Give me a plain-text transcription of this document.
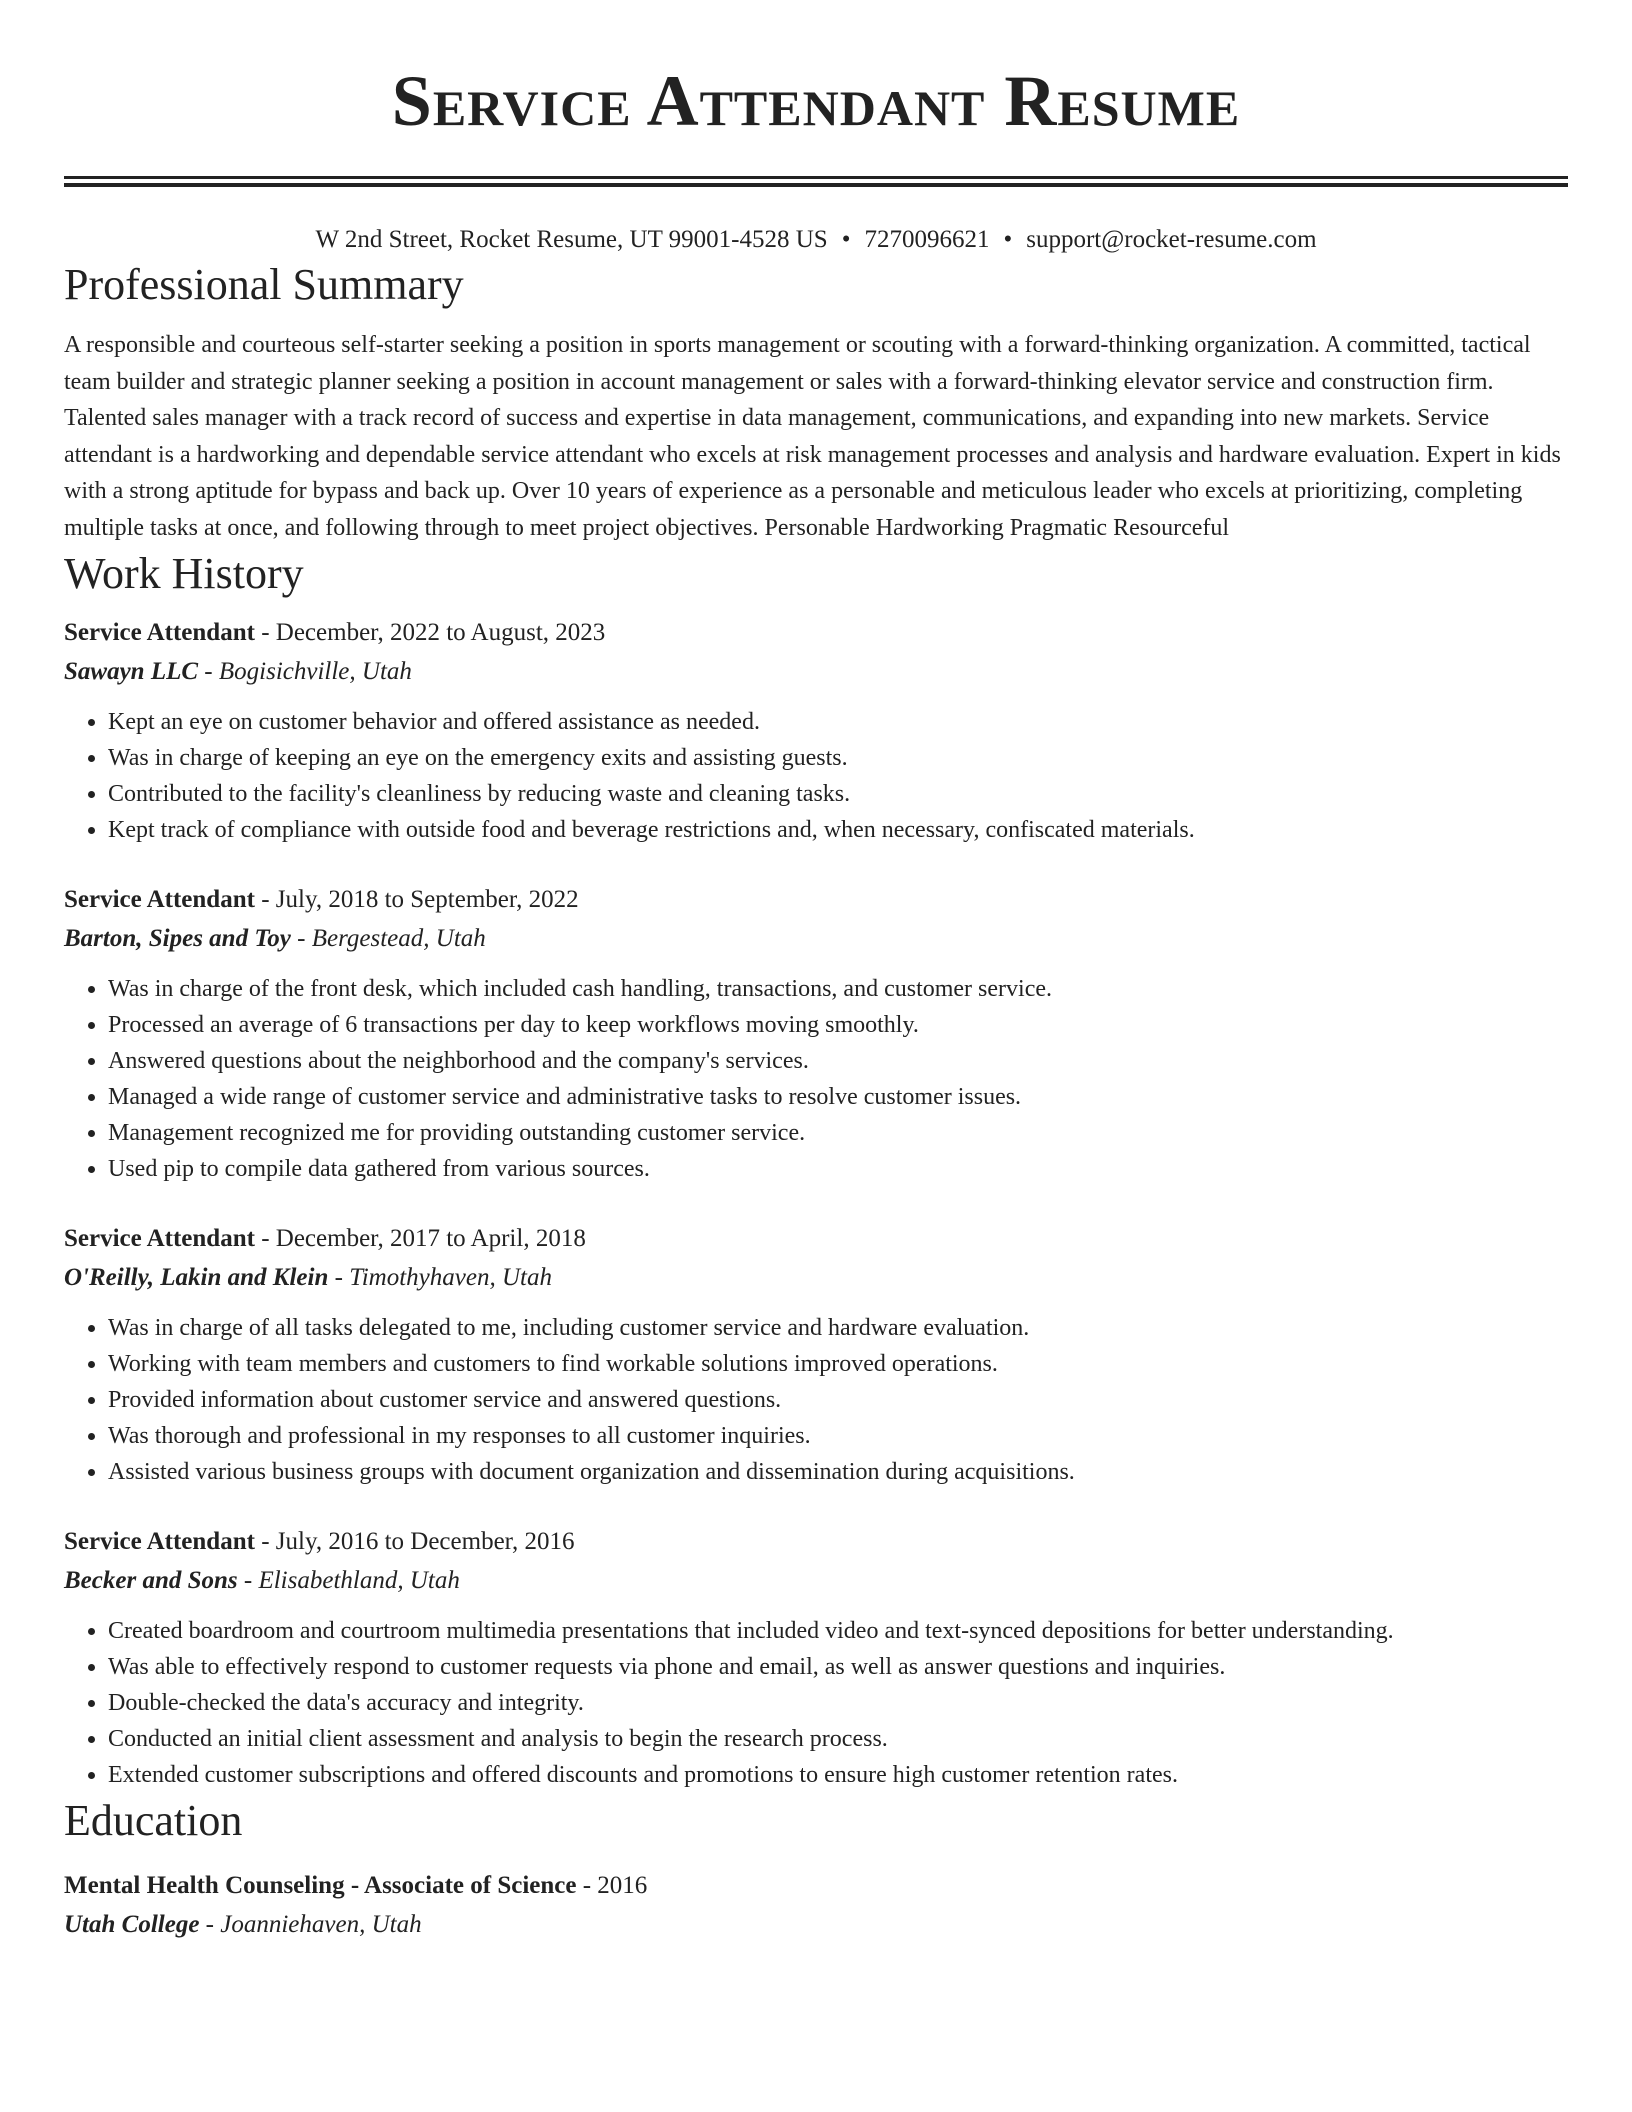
Service Attendant Resume
W 2nd Street, Rocket Resume, UT 99001-4528 US • 7270096621 • support@rocket-resume.com
Professional Summary

A responsible and courteous self-starter seeking a position in sports management or scouting with a forward-thinking organization. A committed, tactical team builder and strategic planner seeking a position in account management or sales with a forward-thinking elevator service and construction firm. Talented sales manager with a track record of success and expertise in data management, communications, and expanding into new markets. Service attendant is a hardworking and dependable service attendant who excels at risk management processes and analysis and hardware evaluation. Expert in kids with a strong aptitude for bypass and back up. Over 10 years of experience as a personable and meticulous leader who excels at prioritizing, completing multiple tasks at once, and following through to meet project objectives. Personable Hardworking Pragmatic Resourceful

Work History
Service Attendant - December, 2022 to August, 2023
Sawayn LLC - Bogisichville, Utah
• Kept an eye on customer behavior and offered assistance as needed.
• Was in charge of keeping an eye on the emergency exits and assisting guests.
• Contributed to the facility's cleanliness by reducing waste and cleaning tasks.
• Kept track of compliance with outside food and beverage restrictions and, when necessary, confiscated materials.
Service Attendant - July, 2018 to September, 2022
Barton, Sipes and Toy - Bergestead, Utah
• Was in charge of the front desk, which included cash handling, transactions, and customer service.
• Processed an average of 6 transactions per day to keep workflows moving smoothly.
• Answered questions about the neighborhood and the company's services.
• Managed a wide range of customer service and administrative tasks to resolve customer issues.
• Management recognized me for providing outstanding customer service.
• Used pip to compile data gathered from various sources.
Service Attendant - December, 2017 to April, 2018
O'Reilly, Lakin and Klein - Timothyhaven, Utah
• Was in charge of all tasks delegated to me, including customer service and hardware evaluation.
• Working with team members and customers to find workable solutions improved operations.
• Provided information about customer service and answered questions.
• Was thorough and professional in my responses to all customer inquiries.
• Assisted various business groups with document organization and dissemination during acquisitions.
Service Attendant - July, 2016 to December, 2016
Becker and Sons - Elisabethland, Utah
• Created boardroom and courtroom multimedia presentations that included video and text-synced depositions for better understanding.
• Was able to effectively respond to customer requests via phone and email, as well as answer questions and inquiries.
• Double-checked the data's accuracy and integrity.
• Conducted an initial client assessment and analysis to begin the research process.
• Extended customer subscriptions and offered discounts and promotions to ensure high customer retention rates.
Education
Mental Health Counseling - Associate of Science - 2016
Utah College - Joanniehaven, Utah
